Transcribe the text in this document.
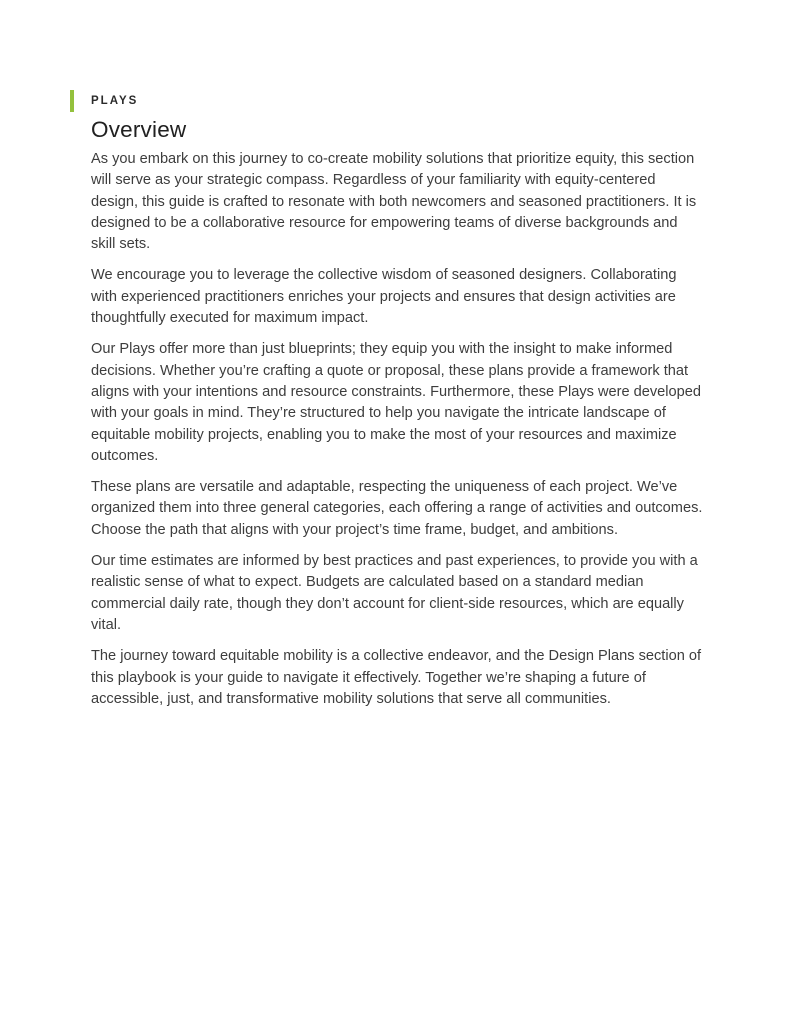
PLAYS
Overview

As you embark on this journey to co-create mobility solutions that prioritize equity, this section will serve as your strategic compass. Regardless of your familiarity with equity-centered design, this guide is crafted to resonate with both newcomers and seasoned practitioners. It is designed to be a collaborative resource for empowering teams of diverse backgrounds and skill sets.

We encourage you to leverage the collective wisdom of seasoned designers. Collaborating with experienced practitioners enriches your projects and ensures that design activities are thoughtfully executed for maximum impact.

Our Plays offer more than just blueprints; they equip you with the insight to make informed decisions. Whether you’re crafting a quote or proposal, these plans provide a framework that aligns with your intentions and resource constraints. Furthermore, these Plays were developed with your goals in mind. They’re structured to help you navigate the intricate landscape of equitable mobility projects, enabling you to make the most of your resources and maximize outcomes.

These plans are versatile and adaptable, respecting the uniqueness of each project. We’ve organized them into three general categories, each offering a range of activities and outcomes. Choose the path that aligns with your project’s time frame, budget, and ambitions.

Our time estimates are informed by best practices and past experiences, to provide you with a realistic sense of what to expect. Budgets are calculated based on a standard median commercial daily rate, though they don’t account for client-side resources, which are equally vital.

The journey toward equitable mobility is a collective endeavor, and the Design Plans section of this playbook is your guide to navigate it effectively. Together we’re shaping a future of accessible, just, and transformative mobility solutions that serve all communities.
